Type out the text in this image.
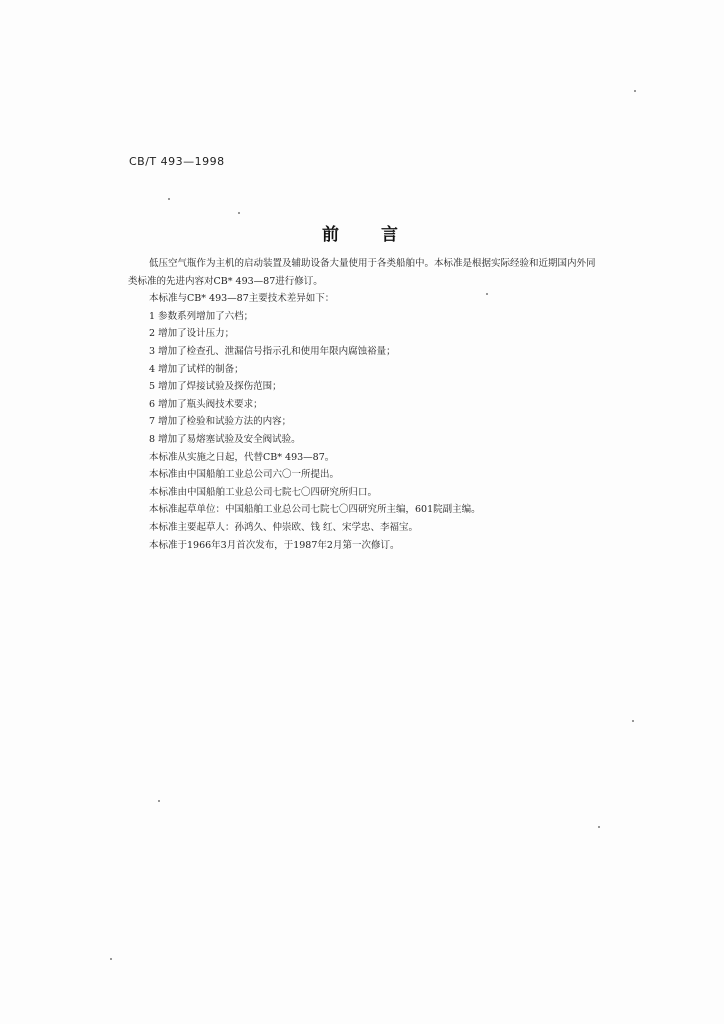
CB/T 493—1998
前言

低压空气瓶作为主机的启动装置及辅助设备大量使用于各类船舶中。本标准是根据实际经验和近期国内外同类标准的先进内容对CB* 493—87进行修订。

本标准与CB* 493—87主要技术差异如下：

1 参数系列增加了六档；

2 增加了设计压力；

3 增加了检查孔、泄漏信号指示孔和使用年限内腐蚀裕量；

4 增加了试样的制备；

5 增加了焊接试验及探伤范围；

6 增加了瓶头阀技术要求；

7 增加了检验和试验方法的内容；

8 增加了易熔塞试验及安全阀试验。

本标准从实施之日起，代替CB* 493—87。

本标准由中国船舶工业总公司六〇一所提出。

本标准由中国船舶工业总公司七院七〇四研究所归口。

本标准起草单位：中国船舶工业总公司七院七〇四研究所主编，601院副主编。

本标准主要起草人：孙鸿久、仲崇欧、钱 红、宋学忠、李福宝。

本标准于1966年3月首次发布，于1987年2月第一次修订。
